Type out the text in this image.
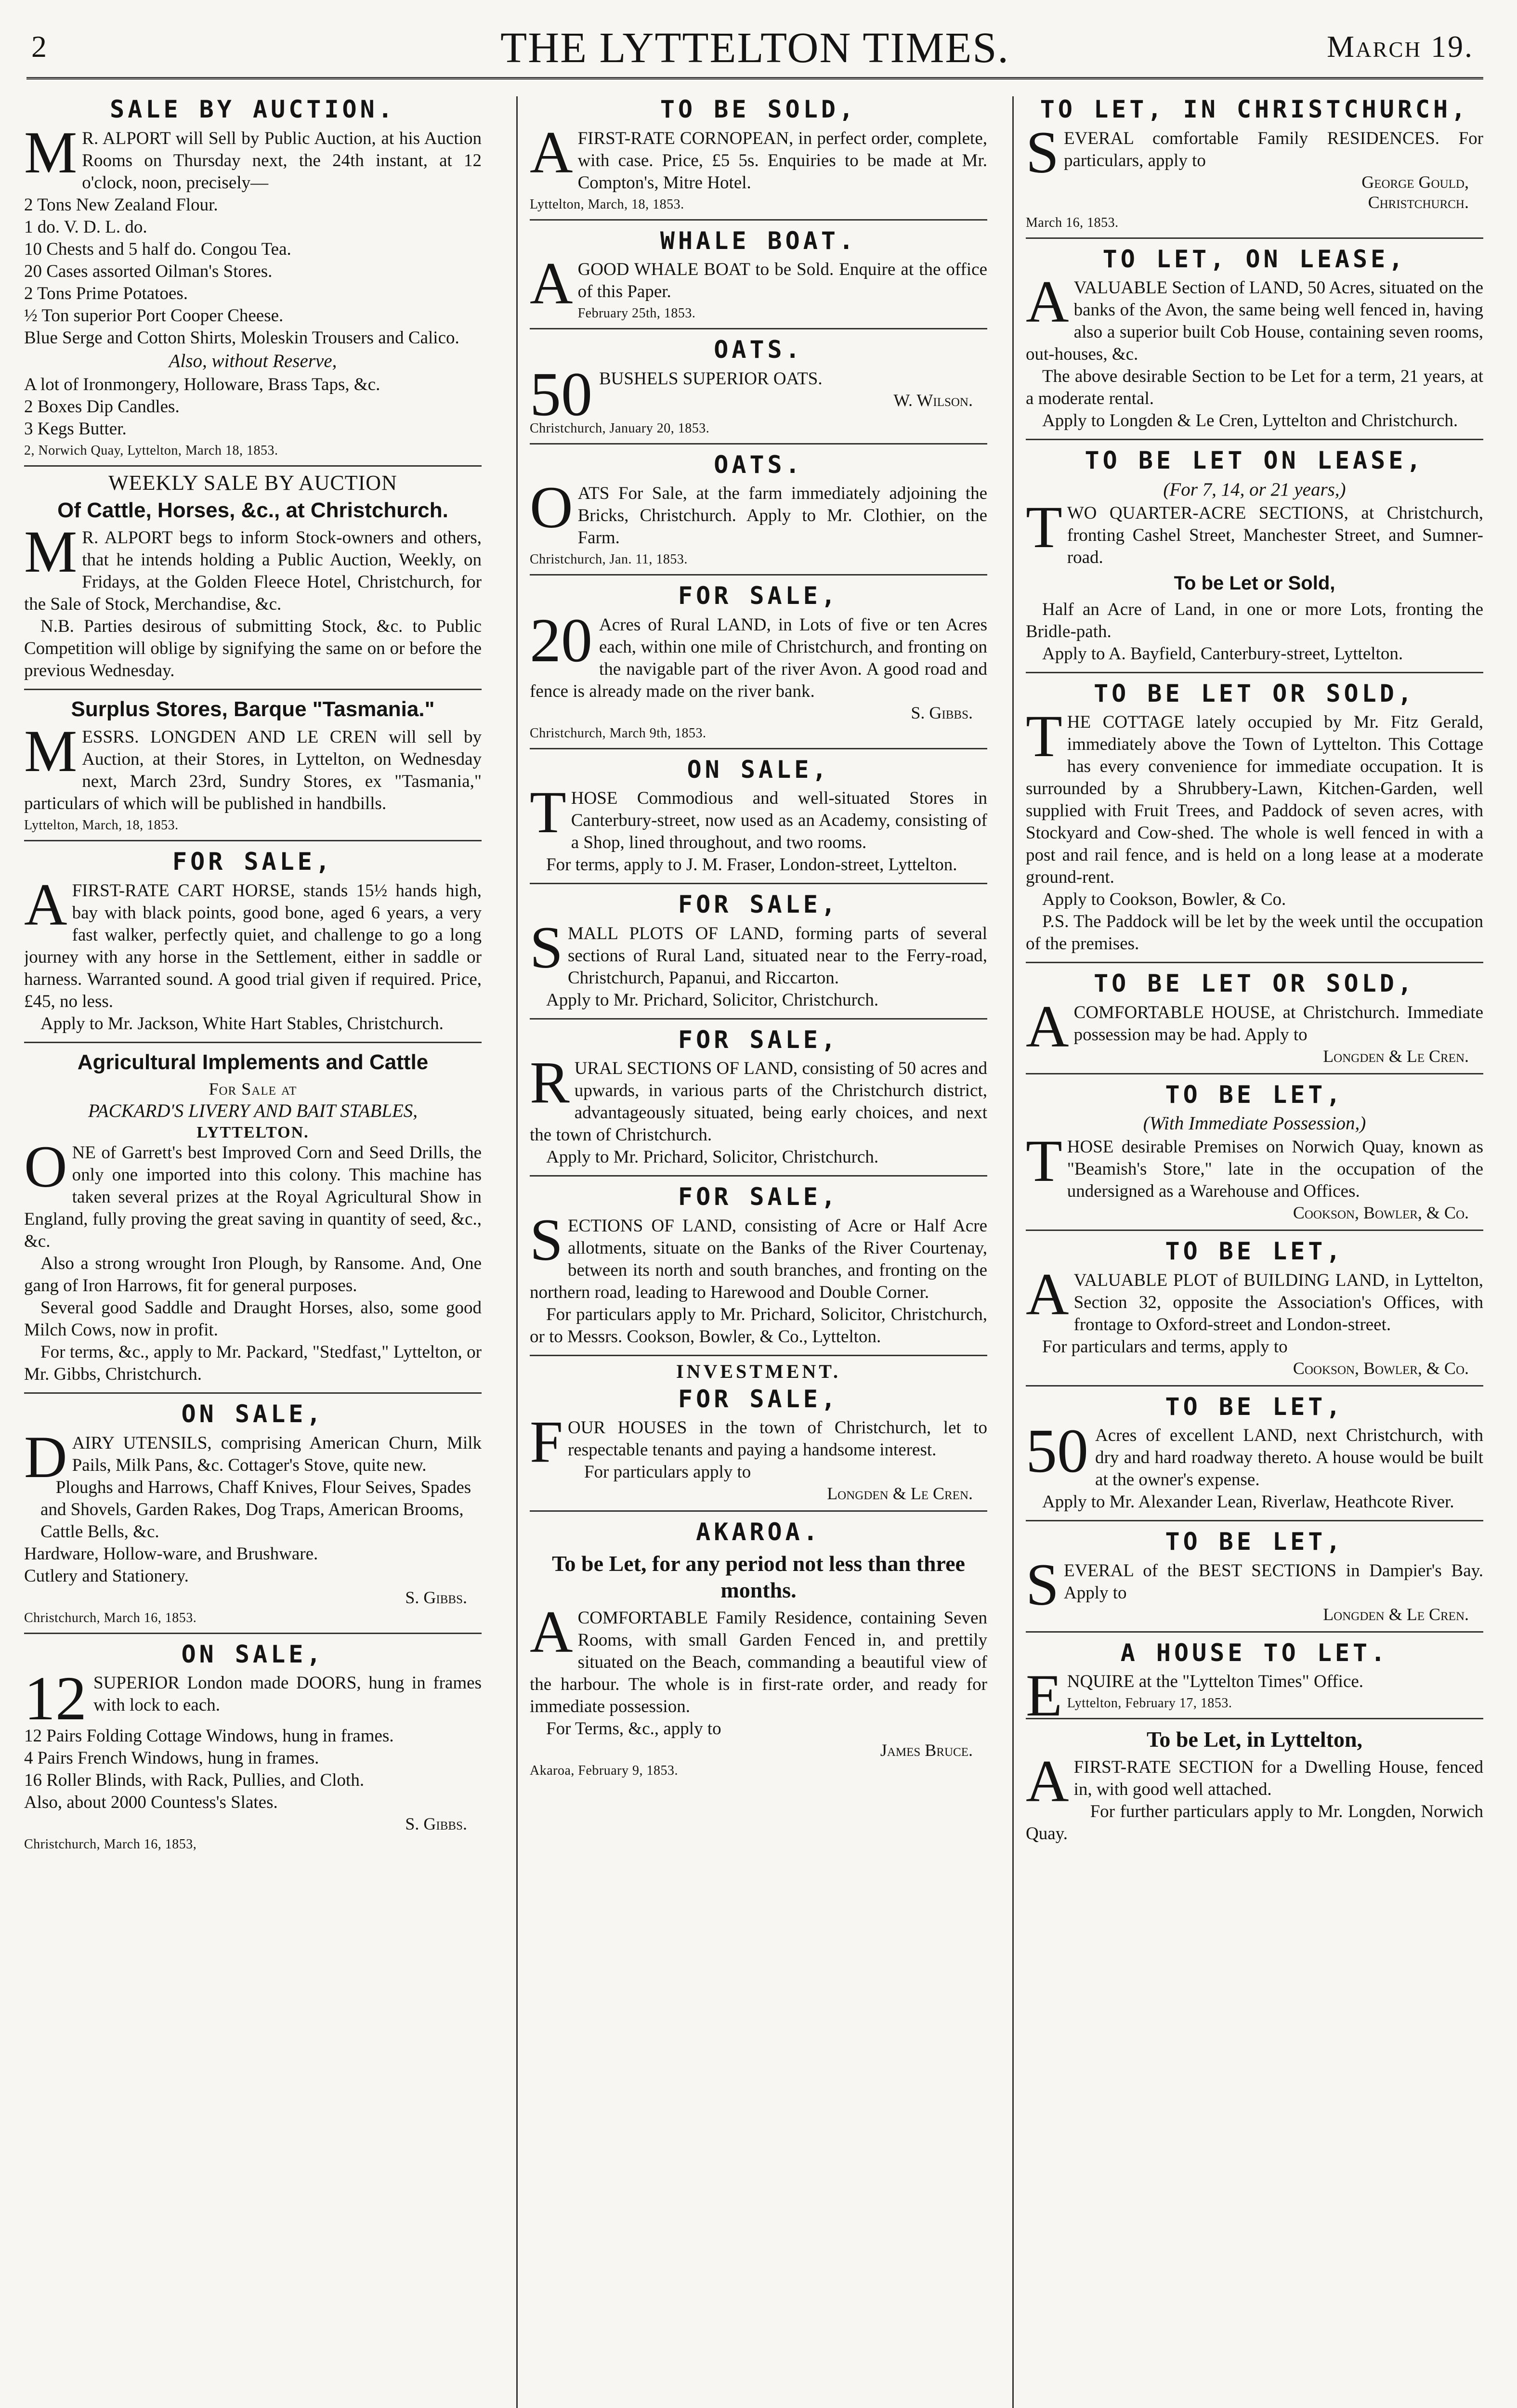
2	THE LYTTELTON TIMES.	March 19.
SALE BY AUCTION.

MR. ALPORT will Sell by Public Auction, at his Auction Rooms on Thursday next, the 24th instant, at 12 o'clock, noon, precisely—

2 Tons New Zealand Flour.

1 do. V. D. L. do.

10 Chests and 5 half do. Congou Tea.

20 Cases assorted Oilman's Stores.

2 Tons Prime Potatoes.

½ Ton superior Port Cooper Cheese.

Blue Serge and Cotton Shirts, Moleskin Trousers and Calico.

Also, without Reserve,

A lot of Ironmongery, Holloware, Brass Taps, &c.

2 Boxes Dip Candles.

3 Kegs Butter.

2, Norwich Quay, Lyttelton, March 18, 1853.
WEEKLY SALE BY AUCTION
Of Cattle, Horses, &c., at Christchurch.

MR. ALPORT begs to inform Stock-owners and others, that he intends holding a Public Auction, Weekly, on Fridays, at the Golden Fleece Hotel, Christchurch, for the Sale of Stock, Merchandise, &c.

N.B. Parties desirous of submitting Stock, &c. to Public Competition will oblige by signifying the same on or before the previous Wednesday.

Surplus Stores, Barque "Tasmania."

MESSRS. LONGDEN AND LE CREN will sell by Auction, at their Stores, in Lyttelton, on Wednesday next, March 23rd, Sundry Stores, ex "Tasmania," particulars of which will be published in handbills.

Lyttelton, March, 18, 1853.
FOR SALE,

AFIRST-RATE CART HORSE, stands 15½ hands high, bay with black points, good bone, aged 6 years, a very fast walker, perfectly quiet, and challenge to go a long journey with any horse in the Settlement, either in saddle or harness. Warranted sound. A good trial given if required. Price, £45, no less.

Apply to Mr. Jackson, White Hart Stables, Christchurch.

Agricultural Implements and Cattle
For Sale at
PACKARD'S LIVERY AND BAIT STABLES,
LYTTELTON.

ONE of Garrett's best Improved Corn and Seed Drills, the only one imported into this colony. This machine has taken several prizes at the Royal Agricultural Show in England, fully proving the great saving in quantity of seed, &c., &c.

Also a strong wrought Iron Plough, by Ransome. And, One gang of Iron Harrows, fit for general purposes.

Several good Saddle and Draught Horses, also, some good Milch Cows, now in profit.

For terms, &c., apply to Mr. Packard, "Stedfast," Lyttelton, or Mr. Gibbs, Christchurch.

ON SALE,

DAIRY UTENSILS, comprising American Churn, Milk Pails, Milk Pans, &c. Cottager's Stove, quite new.

Ploughs and Harrows, Chaff Knives, Flour Seives, Spades and Shovels, Garden Rakes, Dog Traps, American Brooms, Cattle Bells, &c.

Hardware, Hollow-ware, and Brushware.

Cutlery and Stationery.

S. Gibbs.
Christchurch, March 16, 1853.
ON SALE,
12 SUPERIOR London made DOORS, hung in frames with lock to each.

12 Pairs Folding Cottage Windows, hung in frames.

4 Pairs French Windows, hung in frames.

16 Roller Blinds, with Rack, Pullies, and Cloth.

Also, about 2000 Countess's Slates.

S. Gibbs.
Christchurch, March 16, 1853,
TO BE SOLD,

AFIRST-RATE CORNOPEAN, in perfect order, complete, with case. Price, £5 5s. Enquiries to be made at Mr. Compton's, Mitre Hotel.

Lyttelton, March, 18, 1853.
WHALE BOAT.

AGOOD WHALE BOAT to be Sold. Enquire at the office of this Paper.

February 25th, 1853.
OATS.
50 BUSHELS SUPERIOR OATS.

W. Wilson.
Christchurch, January 20, 1853.
OATS.

OATS For Sale, at the farm immediately adjoining the Bricks, Christchurch. Apply to Mr. Clothier, on the Farm.

Christchurch, Jan. 11, 1853.
FOR SALE,
20 Acres of Rural LAND, in Lots of five or ten Acres each, within one mile of Christchurch, and fronting on the navigable part of the river Avon. A good road and fence is already made on the river bank.

S. Gibbs.
Christchurch, March 9th, 1853.
ON SALE,

THOSE Commodious and well-situated Stores in Canterbury-street, now used as an Academy, consisting of a Shop, lined throughout, and two rooms.

For terms, apply to J. M. Fraser, London-street, Lyttelton.

FOR SALE,

SMALL PLOTS OF LAND, forming parts of several sections of Rural Land, situated near to the Ferry-road, Christchurch, Papanui, and Riccarton.

Apply to Mr. Prichard, Solicitor, Christchurch.

FOR SALE,

RURAL SECTIONS OF LAND, consisting of 50 acres and upwards, in various parts of the Christchurch district, advantageously situated, being early choices, and next the town of Christchurch.

Apply to Mr. Prichard, Solicitor, Christchurch.

FOR SALE,

SECTIONS OF LAND, consisting of Acre or Half Acre allotments, situate on the Banks of the River Courtenay, between its north and south branches, and fronting on the northern road, leading to Harewood and Double Corner.

For particulars apply to Mr. Prichard, Solicitor, Christchurch, or to Messrs. Cookson, Bowler, & Co., Lyttelton.

INVESTMENT.
FOR SALE,

FOUR HOUSES in the town of Christchurch, let to respectable tenants and paying a handsome interest.

For particulars apply to

Longden & Le Cren.
AKAROA.
To be Let, for any period not less than three months.

ACOMFORTABLE Family Residence, containing Seven Rooms, with small Garden Fenced in, and prettily situated on the Beach, commanding a beautiful view of the harbour. The whole is in first-rate order, and ready for immediate possession.

For Terms, &c., apply to

James Bruce.
Akaroa, February 9, 1853.
TO LET, IN CHRISTCHURCH,

SEVERAL comfortable Family RESIDENCES. For particulars, apply to

George Gould,
Christchurch.
March 16, 1853.
TO LET, ON LEASE,

AVALUABLE Section of LAND, 50 Acres, situated on the banks of the Avon, the same being well fenced in, having also a superior built Cob House, containing seven rooms, out-houses, &c.

The above desirable Section to be Let for a term, 21 years, at a moderate rental.

Apply to Longden & Le Cren, Lyttelton and Christchurch.

TO BE LET ON LEASE,
(For 7, 14, or 21 years,)

TWO QUARTER-ACRE SECTIONS, at Christchurch, fronting Cashel Street, Manchester Street, and Sumner-road.

To be Let or Sold,

Half an Acre of Land, in one or more Lots, fronting the Bridle-path.

Apply to A. Bayfield, Canterbury-street, Lyttelton.

TO BE LET OR SOLD,

THE COTTAGE lately occupied by Mr. Fitz Gerald, immediately above the Town of Lyttelton. This Cottage has every convenience for immediate occupation. It is surrounded by a Shrubbery-Lawn, Kitchen-Garden, well supplied with Fruit Trees, and Paddock of seven acres, with Stockyard and Cow-shed. The whole is well fenced in with a post and rail fence, and is held on a long lease at a moderate ground-rent.

Apply to Cookson, Bowler, & Co.

P.S. The Paddock will be let by the week until the occupation of the premises.

TO BE LET OR SOLD,

ACOMFORTABLE HOUSE, at Christchurch. Immediate possession may be had. Apply to

Longden & Le Cren.
TO BE LET,
(With Immediate Possession,)

THOSE desirable Premises on Norwich Quay, known as "Beamish's Store," late in the occupation of the undersigned as a Warehouse and Offices.

Cookson, Bowler, & Co.
TO BE LET,

AVALUABLE PLOT of BUILDING LAND, in Lyttelton, Section 32, opposite the Association's Offices, with frontage to Oxford-street and London-street.

For particulars and terms, apply to

Cookson, Bowler, & Co.
TO BE LET,
50 Acres of excellent LAND, next Christchurch, with dry and hard roadway thereto. A house would be built at the owner's expense.

Apply to Mr. Alexander Lean, Riverlaw, Heathcote River.

TO BE LET,

SEVERAL of the BEST SECTIONS in Dampier's Bay. Apply to

Longden & Le Cren.
A HOUSE TO LET.

ENQUIRE at the "Lyttelton Times" Office.

Lyttelton, February 17, 1853.
To be Let, in Lyttelton,

AFIRST-RATE SECTION for a Dwelling House, fenced in, with good well attached.

For further particulars apply to Mr. Longden, Norwich Quay.
